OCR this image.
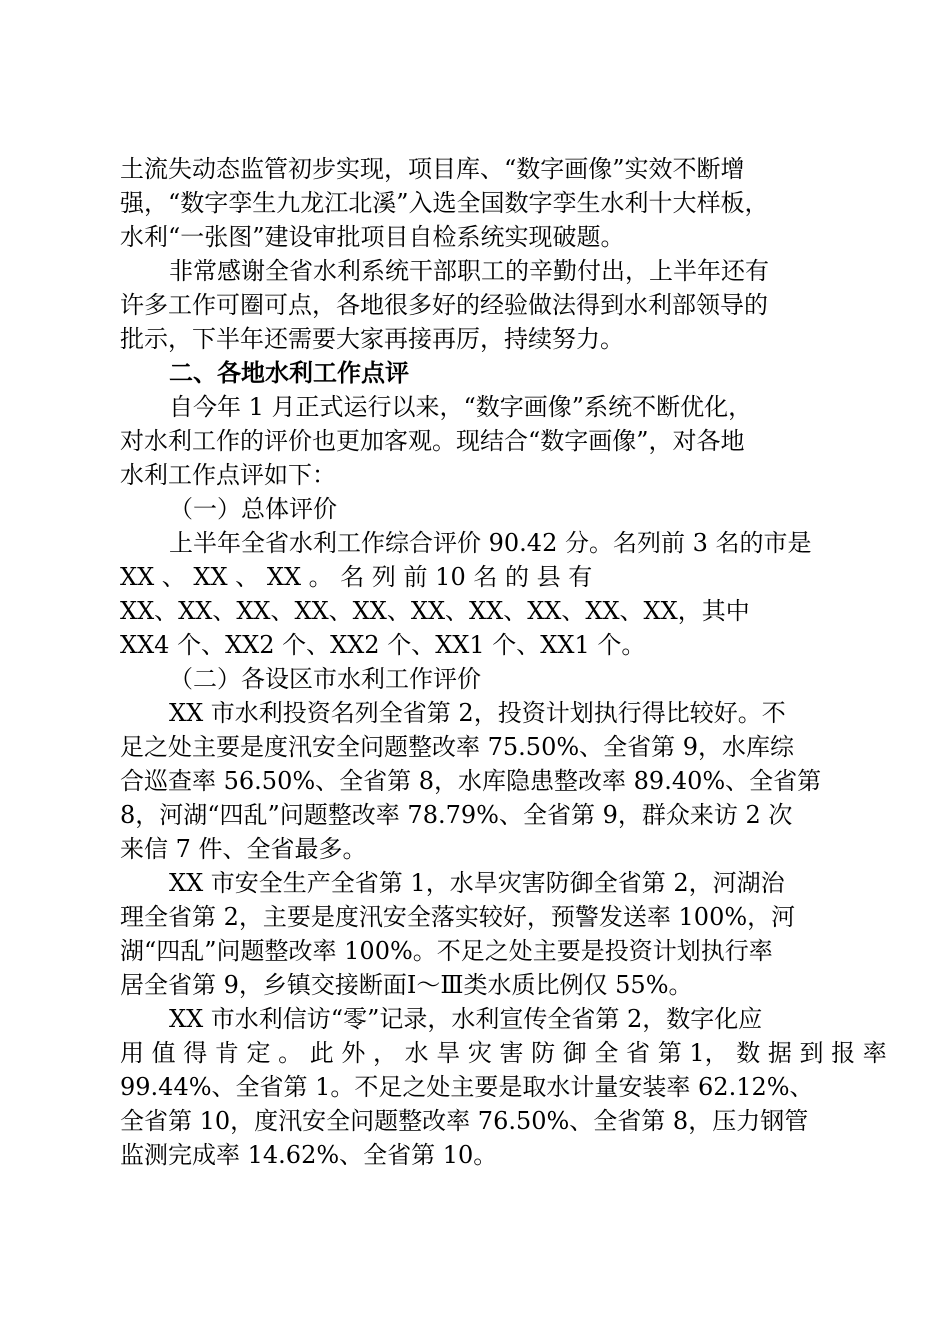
土流失动态监管初步实现，项目库、“数字画像”实效不断增
强，“数字孪生九龙江北溪”入选全国数字孪生水利十大样板，
水利“一张图”建设审批项目自检系统实现破题。
非常感谢全省水利系统干部职工的辛勤付出，上半年还有
许多工作可圈可点，各地很多好的经验做法得到水利部领导的
批示，下半年还需要大家再接再厉，持续努力。
二、各地水利工作点评
自今年 1 月正式运行以来，“数字画像”系统不断优化，
对水利工作的评价也更加客观。现结合“数字画像”，对各地
水利工作点评如下：
（一）总体评价
上半年全省水利工作综合评价 90.42 分。名列前 3 名的市是
XX 、 XX 、 XX 。 名 列 前 10 名 的 县 有
XX、XX、XX、XX、XX、XX、XX、XX、XX、XX，其中
XX4 个、XX2 个、XX2 个、XX1 个、XX1 个。
（二）各设区市水利工作评价
XX 市水利投资名列全省第 2，投资计划执行得比较好。不
足之处主要是度汛安全问题整改率 75.50%、全省第 9，水库综
合巡查率 56.50%、全省第 8，水库隐患整改率 89.40%、全省第
8，河湖“四乱”问题整改率 78.79%、全省第 9，群众来访 2 次
来信 7 件、全省最多。
XX 市安全生产全省第 1，水旱灾害防御全省第 2，河湖治
理全省第 2，主要是度汛安全落实较好，预警发送率 100%，河
湖“四乱”问题整改率 100%。不足之处主要是投资计划执行率
居全省第 9，乡镇交接断面Ⅰ～Ⅲ类水质比例仅 55%。
XX 市水利信访“零”记录，水利宣传全省第 2，数字化应
用 值 得 肯 定 。 此 外 ， 水 旱 灾 害 防 御 全 省 第 1， 数 据 到 报 率
99.44%、全省第 1。不足之处主要是取水计量安装率 62.12%、
全省第 10，度汛安全问题整改率 76.50%、全省第 8，压力钢管
监测完成率 14.62%、全省第 10。
